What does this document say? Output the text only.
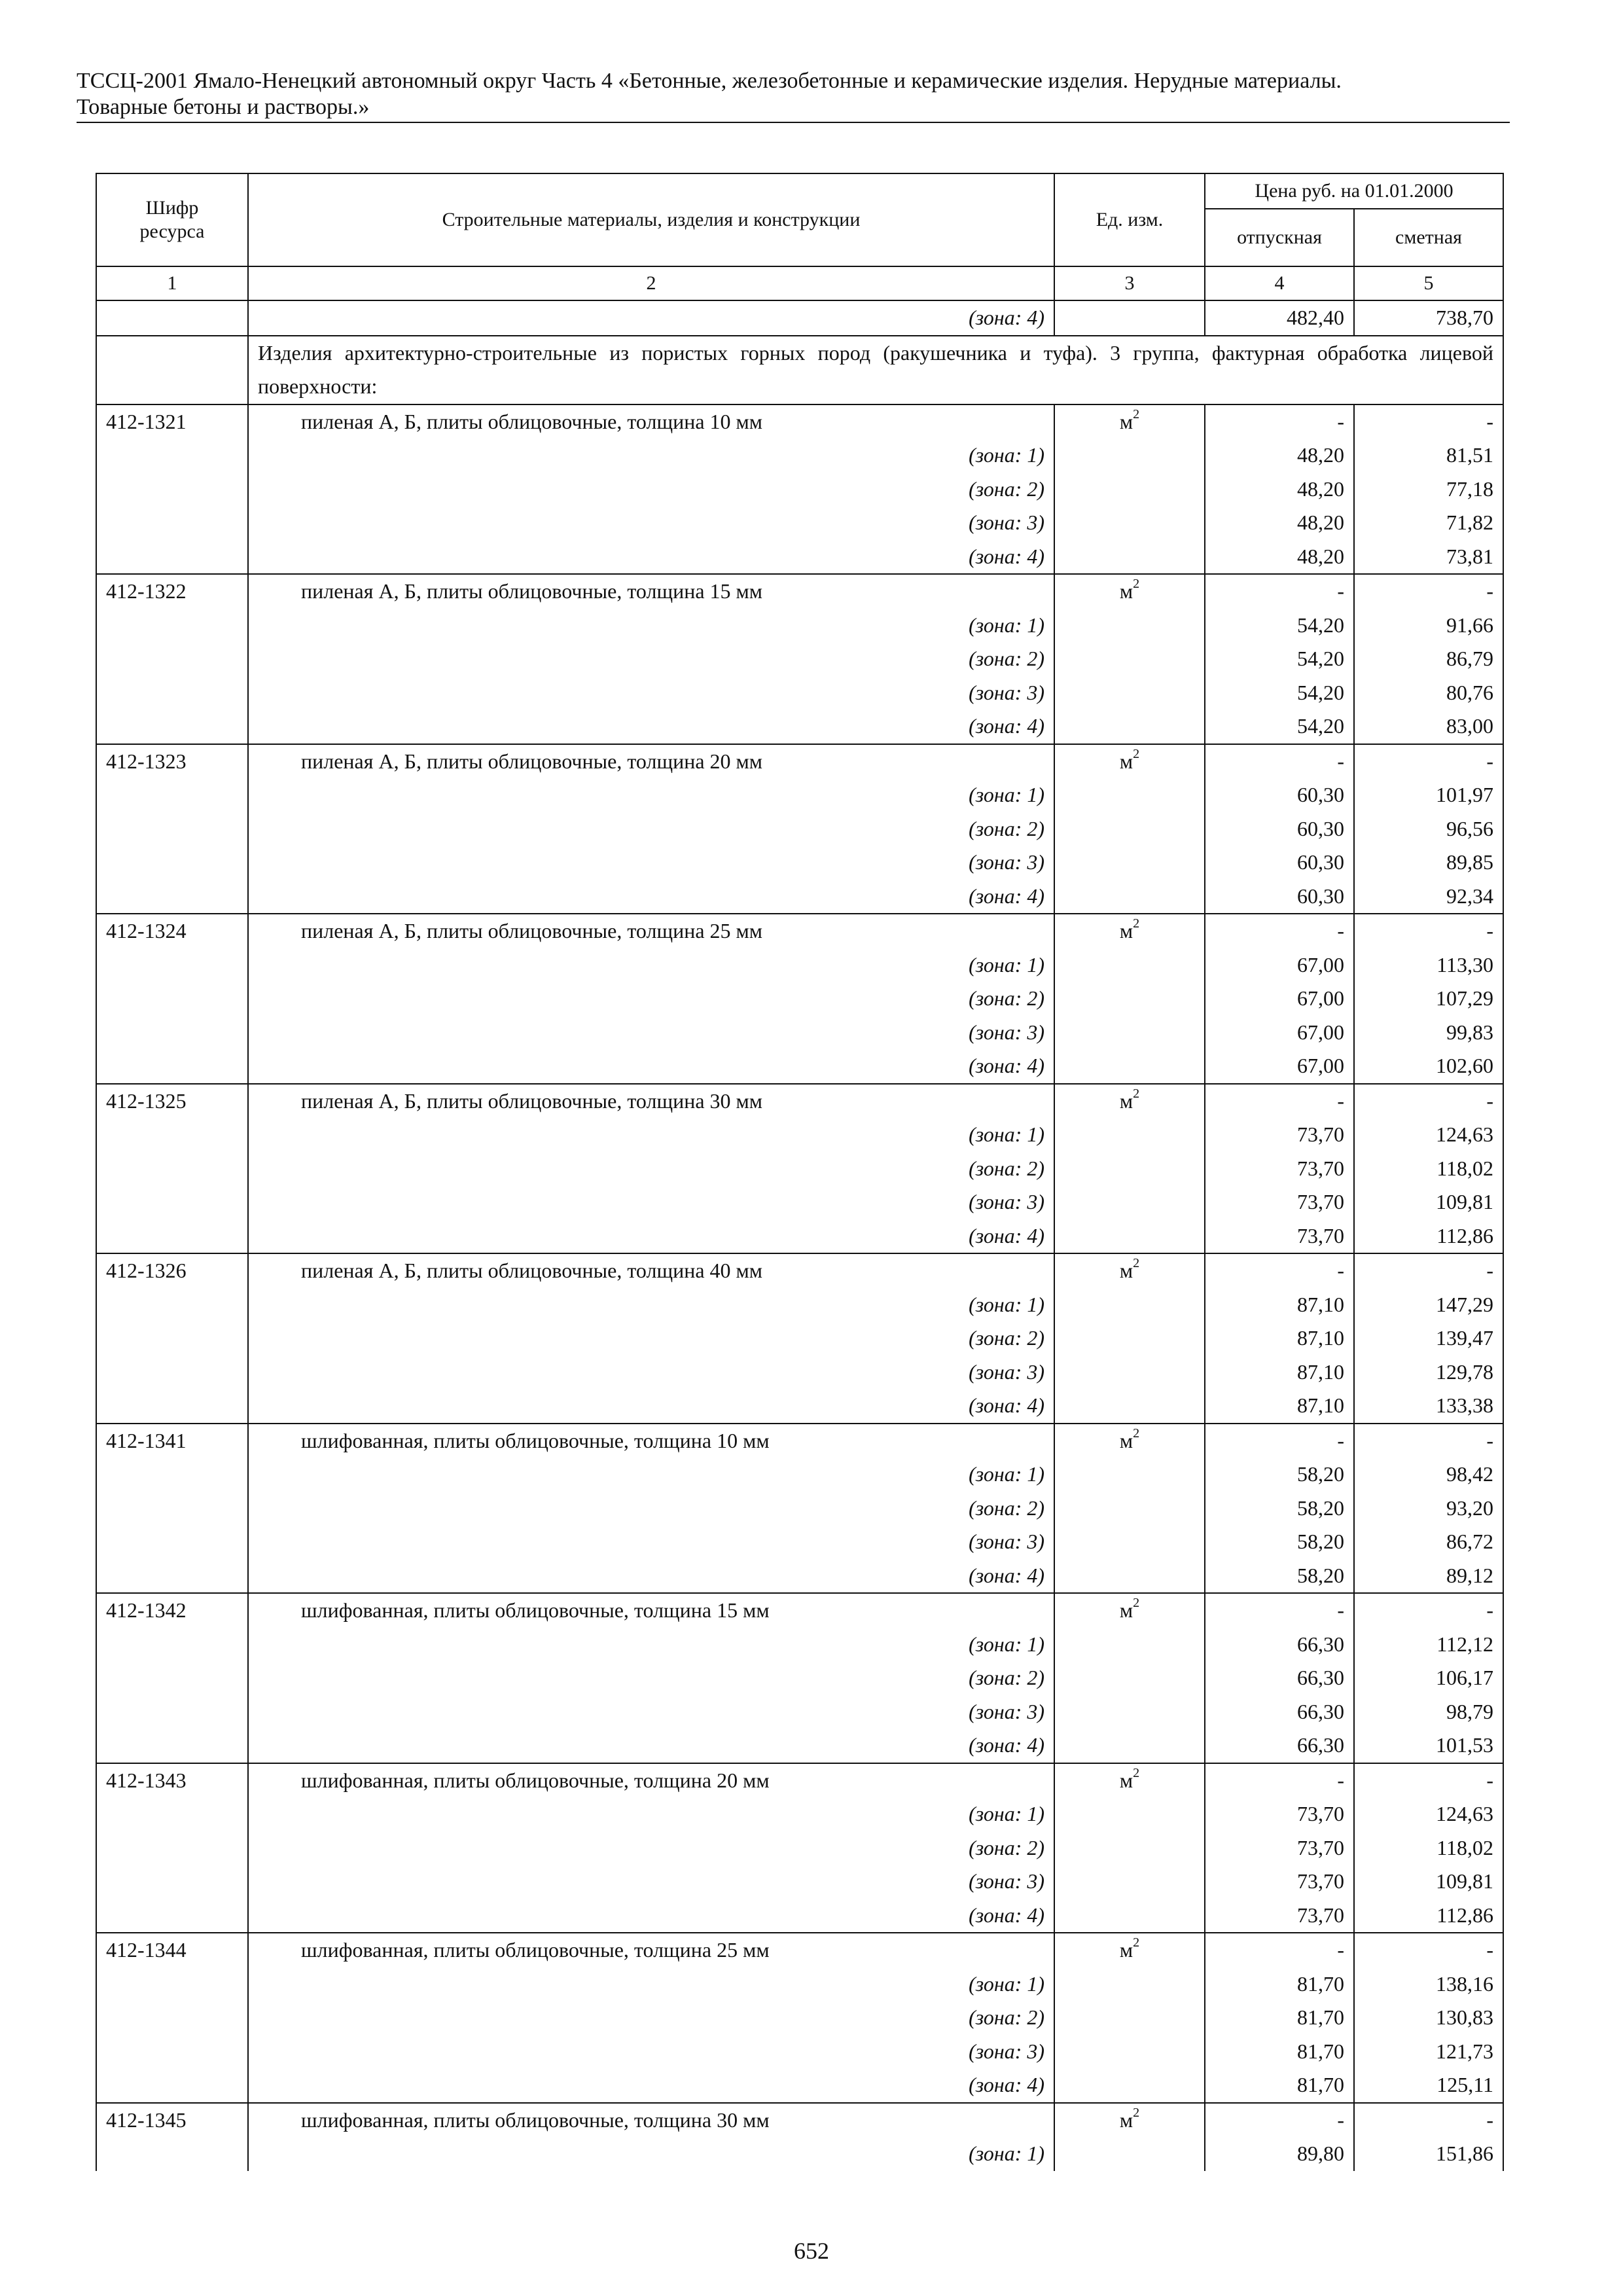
ТССЦ-2001 Ямало-Ненецкий автономный округ Часть 4 «Бетонные, железобетонные и керамические изделия. Нерудные материалы.
Товарные бетоны и растворы.»
Шифр ресурса	Строительные материалы, изделия и конструкции	Ед. изм.	Цена руб. на 01.01.2000	
			отпускная	сметная
1	2	3	4	5
	(зона: 4)		482,40	738,70
	Изделия архитектурно-строительные из пористых горных пород (ракушечника и туфа). 3 группа, фактурная обработка лицевой поверхности:			
412-1321	пиленая А, Б, плиты облицовочные, толщина 10 мм	$м^2$	-	-
	(зона: 1)		48,20	81,51
	(зона: 2)		48,20	77,18
	(зона: 3)		48,20	71,82
	(зона: 4)		48,20	73,81
412-1322	пиленая А, Б, плиты облицовочные, толщина 15 мм	$м^2$	-	-
	(зона: 1)		54,20	91,66
	(зона: 2)		54,20	86,79
	(зона: 3)		54,20	80,76
	(зона: 4)		54,20	83,00
412-1323	пиленая А, Б, плиты облицовочные, толщина 20 мм	$м^2$	-	-
	(зона: 1)		60,30	101,97
	(зона: 2)		60,30	96,56
	(зона: 3)		60,30	89,85
	(зона: 4)		60,30	92,34
412-1324	пиленая А, Б, плиты облицовочные, толщина 25 мм	$м^2$	-	-
	(зона: 1)		67,00	113,30
	(зона: 2)		67,00	107,29
	(зона: 3)		67,00	99,83
	(зона: 4)		67,00	102,60
412-1325	пиленая А, Б, плиты облицовочные, толщина 30 мм	$м^2$	-	-
	(зона: 1)		73,70	124,63
	(зона: 2)		73,70	118,02
	(зона: 3)		73,70	109,81
	(зона: 4)		73,70	112,86
412-1326	пиленая А, Б, плиты облицовочные, толщина 40 мм	$м^2$	-	-
	(зона: 1)		87,10	147,29
	(зона: 2)		87,10	139,47
	(зона: 3)		87,10	129,78
	(зона: 4)		87,10	133,38
412-1341	шлифованная, плиты облицовочные, толщина 10 мм	$м^2$	-	-
	(зона: 1)		58,20	98,42
	(зона: 2)		58,20	93,20
	(зона: 3)		58,20	86,72
	(зона: 4)		58,20	89,12
412-1342	шлифованная, плиты облицовочные, толщина 15 мм	$м^2$	-	-
	(зона: 1)		66,30	112,12
	(зона: 2)		66,30	106,17
	(зона: 3)		66,30	98,79
	(зона: 4)		66,30	101,53
412-1343	шлифованная, плиты облицовочные, толщина 20 мм	$м^2$	-	-
	(зона: 1)		73,70	124,63
	(зона: 2)		73,70	118,02
	(зона: 3)		73,70	109,81
	(зона: 4)		73,70	112,86
412-1344	шлифованная, плиты облицовочные, толщина 25 мм	$м^2$	-	-
	(зона: 1)		81,70	138,16
	(зона: 2)		81,70	130,83
	(зона: 3)		81,70	121,73
	(зона: 4)		81,70	125,11
412-1345	шлифованная, плиты облицовочные, толщина 30 мм	$м^2$	-	-
	(зона: 1)		89,80	151,86
652
